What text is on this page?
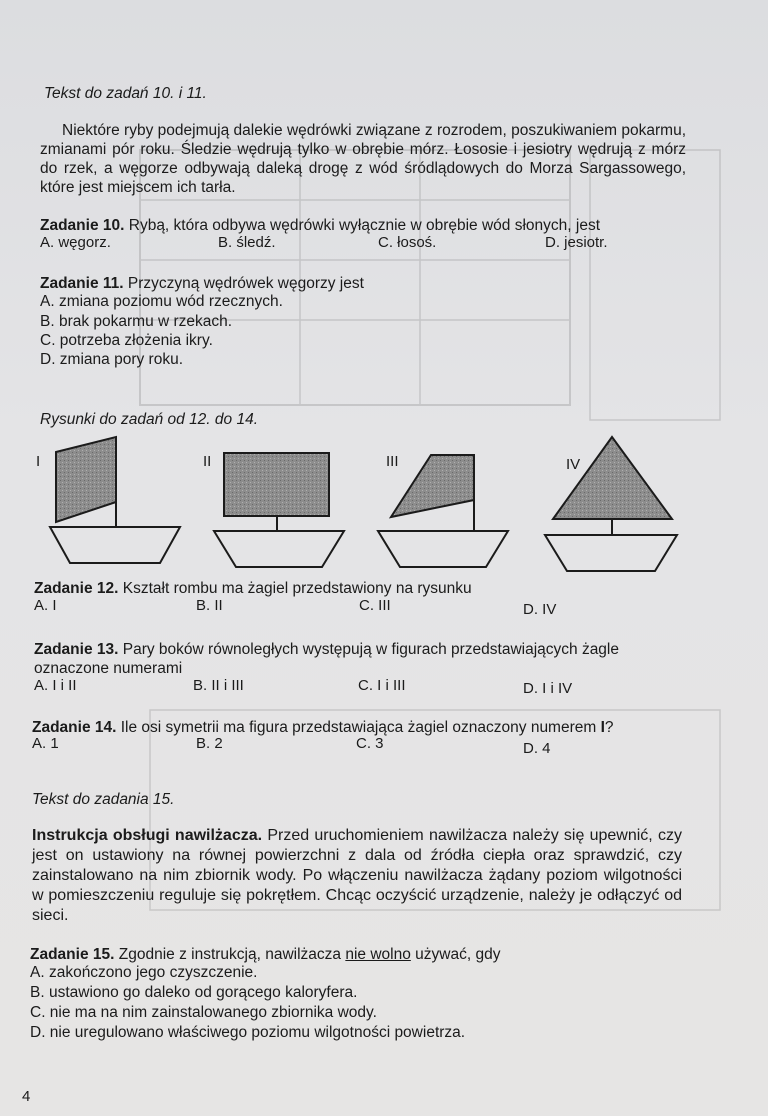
Tekst do zadań 10. i 11.
Niektóre ryby podejmują dalekie wędrówki związane z rozrodem, poszukiwaniem pokarmu, zmianami pór roku. Śledzie wędrują tylko w obrębie mórz. Łososie i jesiotry wędrują z mórz do rzek, a węgorze odbywają daleką drogę z wód śródlądowych do Morza Sargassowego, które jest miejscem ich tarła.
Zadanie 10. Rybą, która odbywa wędrówki wyłącznie w obrębie wód słonych, jest
A. węgorz.	B. śledź.	C. łosoś.	D. jesiotr.
Zadanie 11. Przyczyną wędrówek węgorzy jest
A. zmiana poziomu wód rzecznych.
B. brak pokarmu w rzekach.
C. potrzeba złożenia ikry.
D. zmiana pory roku.
Rysunki do zadań od 12. do 14.
I	II	III	IV
Zadanie 12. Kształt rombu ma żagiel przedstawiony na rysunku
A. I	B. II	C. III	D. IV
Zadanie 13. Pary boków równoległych występują w figurach przedstawiających żagle oznaczone numerami
A. I i II	B. II i III	C. I i III	D. I i IV
Zadanie 14. Ile osi symetrii ma figura przedstawiająca żagiel oznaczony numerem I?
A. 1	B. 2	C. 3	D. 4
Tekst do zadania 15.
Instrukcja obsługi nawilżacza. Przed uruchomieniem nawilżacza należy się upewnić, czy jest on ustawiony na równej powierzchni z dala od źródła ciepła oraz sprawdzić, czy zainstalowano na nim zbiornik wody. Po włączeniu nawilżacza żądany poziom wilgotności w pomieszczeniu reguluje się pokrętłem. Chcąc oczyścić urządzenie, należy je odłączyć od sieci.
Zadanie 15. Zgodnie z instrukcją, nawilżacza nie wolno używać, gdy
A. zakończono jego czyszczenie.
B. ustawiono go daleko od gorącego kaloryfera.
C. nie ma na nim zainstalowanego zbiornika wody.
D. nie uregulowano właściwego poziomu wilgotności powietrza.
4
